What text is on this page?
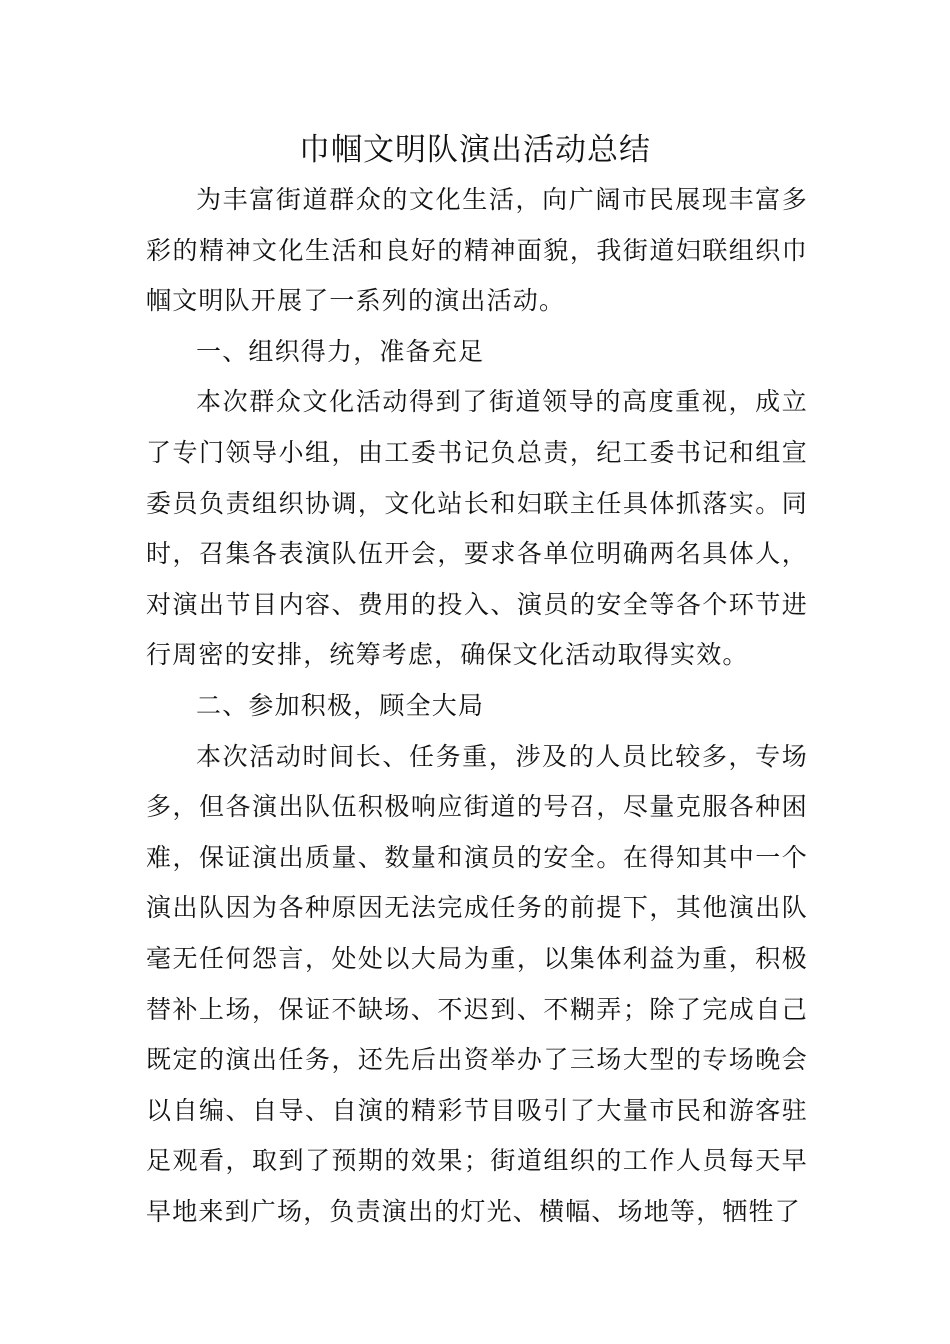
巾帼文明队演出活动总结

为丰富街道群众的文化生活，向广阔市民展现丰富多彩的精神文化生活和良好的精神面貌，我街道妇联组织巾帼文明队开展了一系列的演出活动。

一、组织得力，准备充足

本次群众文化活动得到了街道领导的高度重视，成立了专门领导小组，由工委书记负总责，纪工委书记和组宣委员负责组织协调，文化站长和妇联主任具体抓落实。同时，召集各表演队伍开会，要求各单位明确两名具体人，对演出节目内容、费用的投入、演员的安全等各个环节进行周密的安排，统筹考虑，确保文化活动取得实效。

二、参加积极，顾全大局

本次活动时间长、任务重，涉及的人员比较多，专场多，但各演出队伍积极响应街道的号召，尽量克服各种困难，保证演出质量、数量和演员的安全。在得知其中一个演出队因为各种原因无法完成任务的前提下，其他演出队毫无任何怨言，处处以大局为重，以集体利益为重，积极替补上场，保证不缺场、不迟到、不糊弄；除了完成自己既定的演出任务，还先后出资举办了三场大型的专场晚会以自编、自导、自演的精彩节目吸引了大量市民和游客驻足观看，取到了预期的效果；街道组织的工作人员每天早早地来到广场，负责演出的灯光、横幅、场地等，牺牲了
